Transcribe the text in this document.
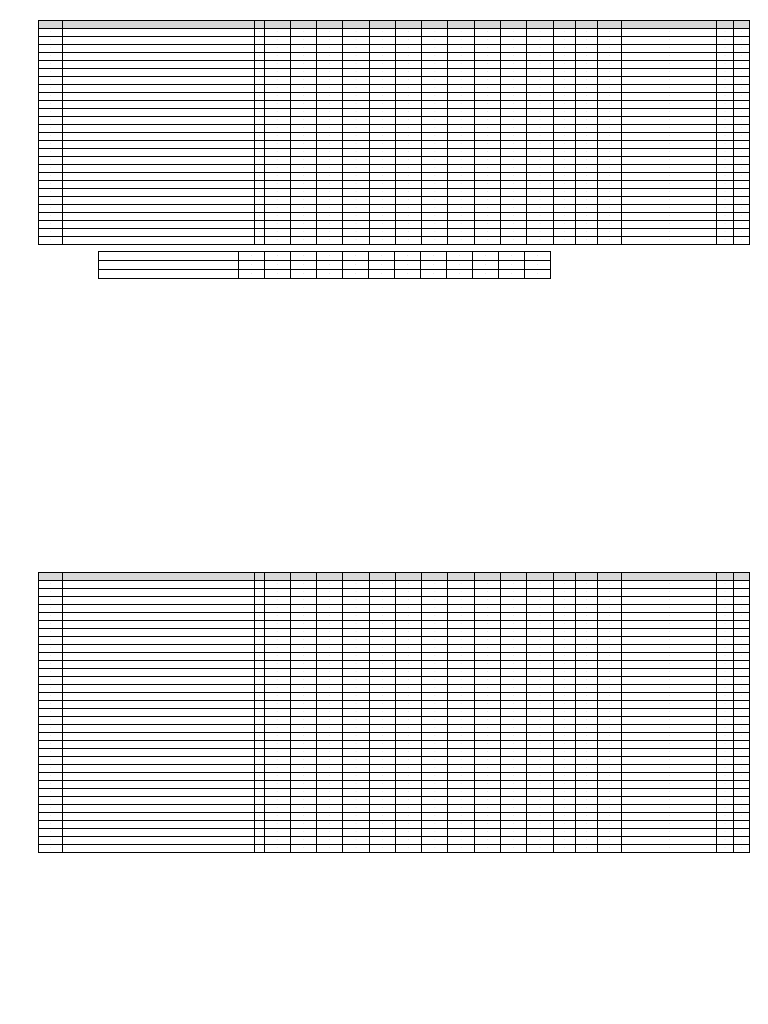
·	·	·	·	·	·	·	·	·	·	·	·	·	·	·	·	·	·	·	·
·	·	·	·	·	·	·	·	·	·	·	·	·	·	·	·	·	·	·	·
·	·	·	·	·	·	·	·	·	·	·	·	·	·	·	·	·	·	·	·
·	·	·	·	·	·	·	·	·	·	·	·	·	·	·	·	·	·	·	·
·	·	·	·	·	·	·	·	·	·	·	·	·	·	·	·	·	·	·	·
·	·	·	·	·	·	·	·	·	·	·	·	·	·	·	·	·	·	·	·
·	·	·	·	·	·	·	·	·	·	·	·	·	·	·	·	·	·	·	·
·	·	·	·	·	·	·	·	·	·	·	·	·	·	·	·	·	·	·	·
·	·	·	·	·	·	·	·	·	·	·	·	·	·	·	·	·	·	·	·
·	·	·	·	·	·	·	·	·	·	·	·	·	·	·	·	·	·	·	·
·	·	·	·	·	·	·	·	·	·	·	·	·	·	·	·	·	·	·	·
·	·	·	·	·	·	·	·	·	·	·	·	·	·	·	·	·	·	·	·
·	·	·	·	·	·	·	·	·	·	·	·	·	·	·	·	·	·	·	·
·	·	·	·	·	·	·	·	·	·	·	·	·	·	·	·	·	·	·	·
·	·	·	·	·	·	·	·	·	·	·	·	·	·	·	·	·	·	·	·
·	·	·	·	·	·	·	·	·	·	·	·	·	·	·	·	·	·	·	·
·	·	·	·	·	·	·	·	·	·	·	·	·	·	·	·	·	·	·	·
·	·	·	·	·	·	·	·	·	·	·	·	·	·	·	·	·	·	·	·
·	·	·	·	·	·	·	·	·	·	·	·	·	·	·	·	·	·	·	·
·	·	·	·	·	·	·	·	·	·	·	·	·	·	·	·	·	·	·	·
·	·	·	·	·	·	·	·	·	·	·	·	·	·	·	·	·	·	·	·
·	·	·	·	·	·	·	·	·	·	·	·	·	·	·	·	·	·	·	·
·	·	·	·	·	·	·	·	·	·	·	·	·	·	·	·	·	·	·	·
·	·	·	·	·	·	·	·	·	·	·	·	·	·	·	·	·	·	·	·
·	·	·	·	·	·	·	·	·	·	·	·	·	·	·	·	·	·	·	·
·	·	·	·	·	·	·	·	·	·	·	·	·	·	·	·	·	·	·	·
·	·	·	·	·	·	·	·	·	·	·	·	·	·	·	·	·	·	·	·
	·	·	·	·	·	·	·	·	·	·	·	·
	·	·	·	·	·	·	·	·	·	·	·	·
	·	·	·	·	·	·	·	·	·	·	·	·

·	·	·	·	·	·	·	·	·	·	·	·	·	·	·	·	·	·	·	·
·	·	·	·	·	·	·	·	·	·	·	·	·	·	·	·	·	·	·	·
·	·	·	·	·	·	·	·	·	·	·	·	·	·	·	·	·	·	·	·
·	·	·	·	·	·	·	·	·	·	·	·	·	·	·	·	·	·	·	·
·	·	·	·	·	·	·	·	·	·	·	·	·	·	·	·	·	·	·	·
·	·	·	·	·	·	·	·	·	·	·	·	·	·	·	·	·	·	·	·
·	·	·	·	·	·	·	·	·	·	·	·	·	·	·	·	·	·	·	·
·	·	·	·	·	·	·	·	·	·	·	·	·	·	·	·	·	·	·	·
·	·	·	·	·	·	·	·	·	·	·	·	·	·	·	·	·	·	·	·
·	·	·	·	·	·	·	·	·	·	·	·	·	·	·	·	·	·	·	·
·	·	·	·	·	·	·	·	·	·	·	·	·	·	·	·	·	·	·	·
·	·	·	·	·	·	·	·	·	·	·	·	·	·	·	·	·	·	·	·
·	·	·	·	·	·	·	·	·	·	·	·	·	·	·	·	·	·	·	·
·	·	·	·	·	·	·	·	·	·	·	·	·	·	·	·	·	·	·	·
·	·	·	·	·	·	·	·	·	·	·	·	·	·	·	·	·	·	·	·
·	·	·	·	·	·	·	·	·	·	·	·	·	·	·	·	·	·	·	·
·	·	·	·	·	·	·	·	·	·	·	·	·	·	·	·	·	·	·	·
·	·	·	·	·	·	·	·	·	·	·	·	·	·	·	·	·	·	·	·
·	·	·	·	·	·	·	·	·	·	·	·	·	·	·	·	·	·	·	·
·	·	·	·	·	·	·	·	·	·	·	·	·	·	·	·	·	·	·	·
·	·	·	·	·	·	·	·	·	·	·	·	·	·	·	·	·	·	·	·
·	·	·	·	·	·	·	·	·	·	·	·	·	·	·	·	·	·	·	·
·	·	·	·	·	·	·	·	·	·	·	·	·	·	·	·	·	·	·	·
·	·	·	·	·	·	·	·	·	·	·	·	·	·	·	·	·	·	·	·
·	·	·	·	·	·	·	·	·	·	·	·	·	·	·	·	·	·	·	·
·	·	·	·	·	·	·	·	·	·	·	·	·	·	·	·	·	·	·	·
·	·	·	·	·	·	·	·	·	·	·	·	·	·	·	·	·	·	·	·
·	·	·	·	·	·	·	·	·	·	·	·	·	·	·	·	·	·	·	·
·	·	·	·	·	·	·	·	·	·	·	·	·	·	·	·	·	·	·	·
·	·	·	·	·	·	·	·	·	·	·	·	·	·	·	·	·	·	·	·
·	·	·	·	·	·	·	·	·	·	·	·	·	·	·	·	·	·	·	·
·	·	·	·	·	·	·	·	·	·	·	·	·	·	·	·	·	·	·	·
·	·	·	·	·	·	·	·	·	·	·	·	·	·	·	·	·	·	·	·
·	·	·	·	·	·	·	·	·	·	·	·	·	·	·	·	·	·	·	·
